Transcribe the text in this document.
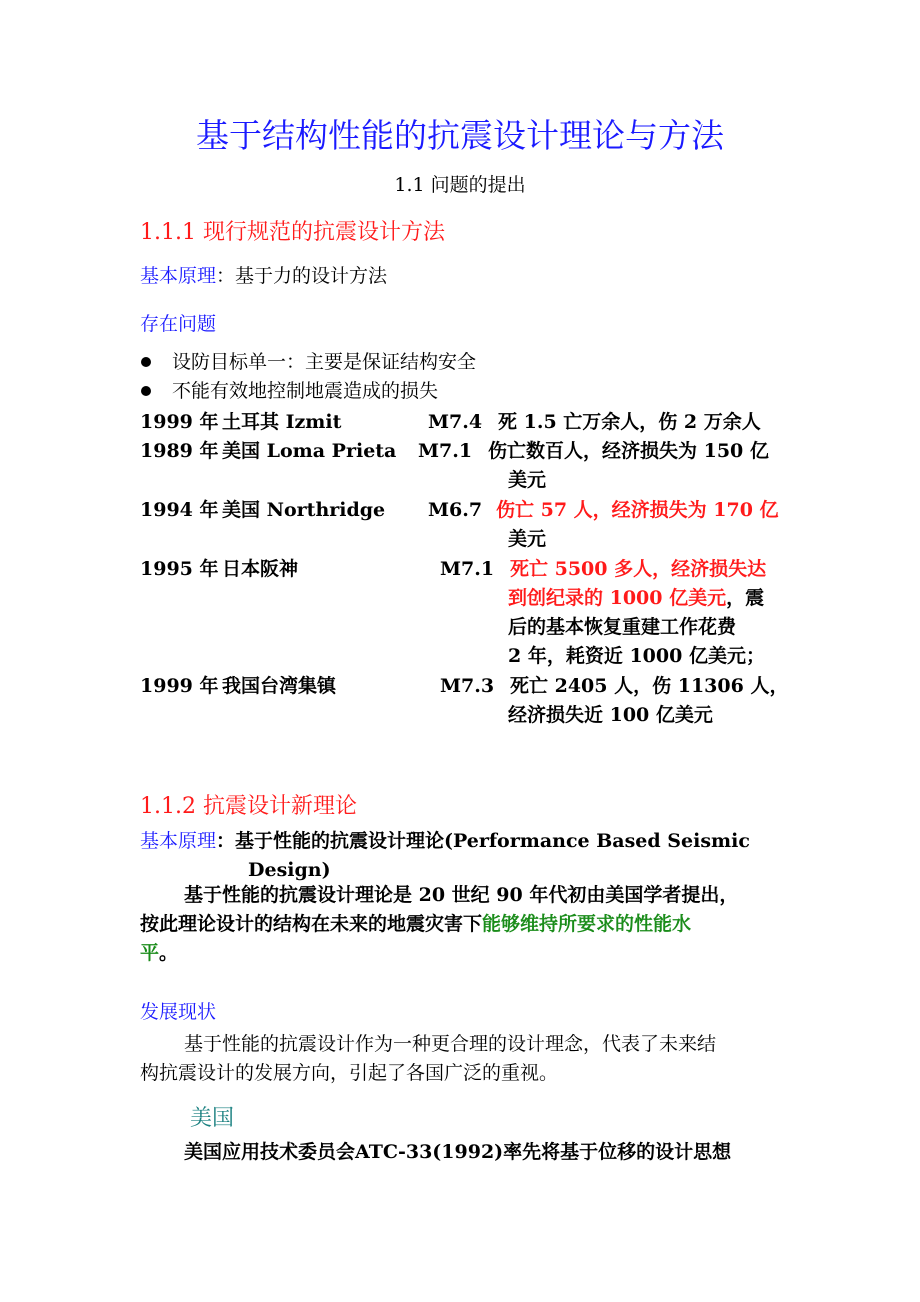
基于结构性能的抗震设计理论与方法
1.1 问题的提出
1.1.1 现行规范的抗震设计方法
基本原理：基于力的设计方法
存在问题
设防目标单一：主要是保证结构安全
不能有效地控制地震造成的损失
1999 年 土耳其 Izmit	M7.4 死 1.5 亡万余人，伤 2 万余人
1989 年 美国 Loma Prieta M7.1 伤亡数百人，经济损失为 150 亿
美元
1994 年 美国 Northridge M6.7 伤亡 57 人，经济损失为 170 亿
美元
1995 年 日本阪神	M7.1 死亡 5500 多人，经济损失达
到创纪录的 1000 亿美元，震
后的基本恢复重建工作花费
2 年，耗资近 1000 亿美元；
1999 年 我国台湾集镇	M7.3 死亡 2405 人，伤 11306 人，
经济损失近 100 亿美元
1.1.2 抗震设计新理论
基本原理：基于性能的抗震设计理论(Performance Based Seismic
Design)
基于性能的抗震设计理论是 20 世纪 90 年代初由美国学者提出，
按此理论设计的结构在未来的地震灾害下能够维持所要求的性能水
平。
发展现状
基于性能的抗震设计作为一种更合理的设计理念，代表了未来结
构抗震设计的发展方向，引起了各国广泛的重视。
美国
美国应用技术委员会ATC-33(1992)率先将基于位移的设计思想
